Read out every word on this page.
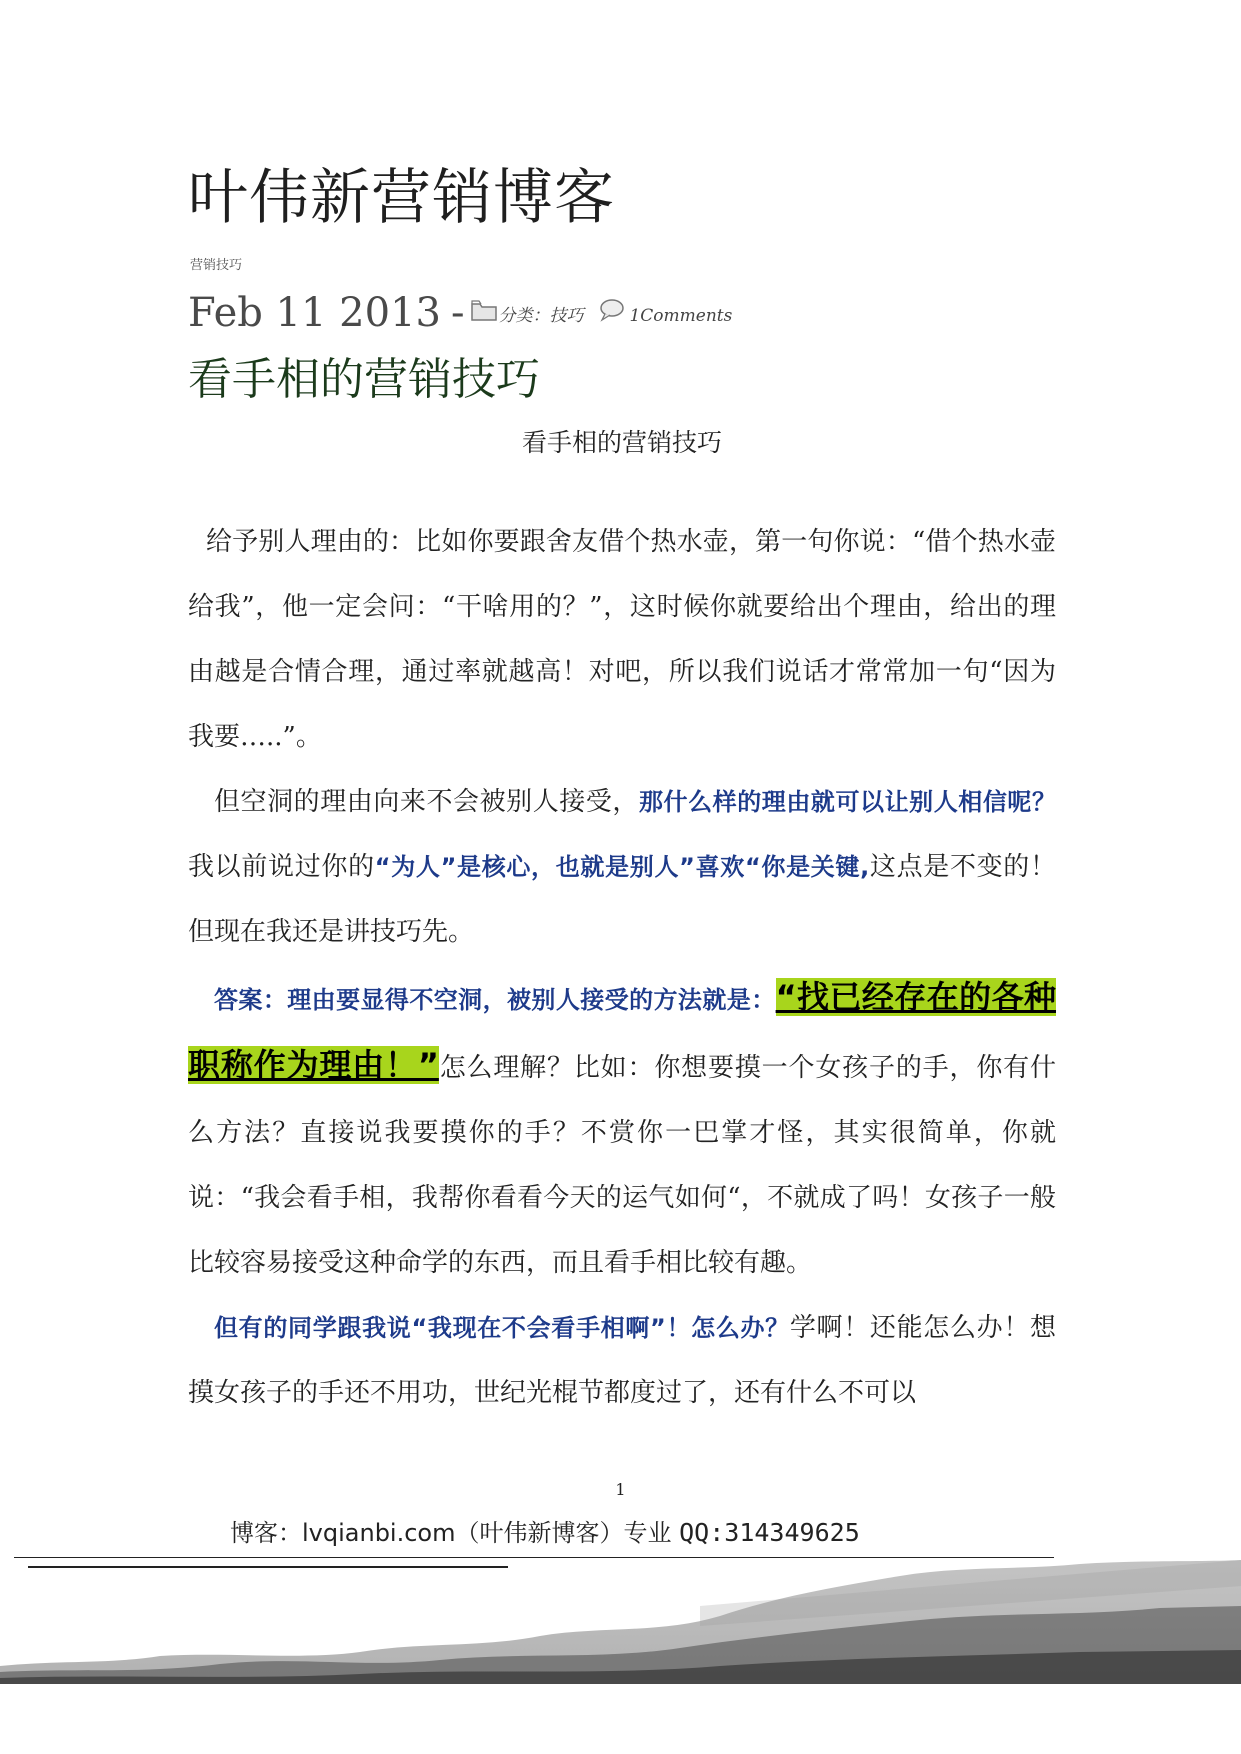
叶伟新营销博客
营销技巧
Feb 11 2013 - 分类：技巧	1Comments
看手相的营销技巧
看手相的营销技巧

给予别人理由的：比如你要跟舍友借个热水壶，第一句你说：“借个热水壶给我”，他一定会问：“干啥用的？”，这时候你就要给出个理由，给出的理由越是合情合理，通过率就越高！对吧，所以我们说话才常常加一句“因为我要…..”。

但空洞的理由向来不会被别人接受，那什么样的理由就可以让别人相信呢？我以前说过你的“为人”是核心，也就是别人”喜欢“你是关键,这点是不变的！但现在我还是讲技巧先。

答案：理由要显得不空洞，被别人接受的方法就是：“找已经存在的各种职称作为理由！”怎么理解？比如：你想要摸一个女孩子的手，你有什么方法？直接说我要摸你的手？不赏你一巴掌才怪，其实很简单，你就说：“我会看手相，我帮你看看今天的运气如何“，不就成了吗！女孩子一般比较容易接受这种命学的东西，而且看手相比较有趣。

但有的同学跟我说“我现在不会看手相啊”！怎么办？学啊！还能怎么办！想摸女孩子的手还不用功，世纪光棍节都度过了，还有什么不可以

1
博客：lvqianbi.com（叶伟新博客）专业 QQ:314349625
